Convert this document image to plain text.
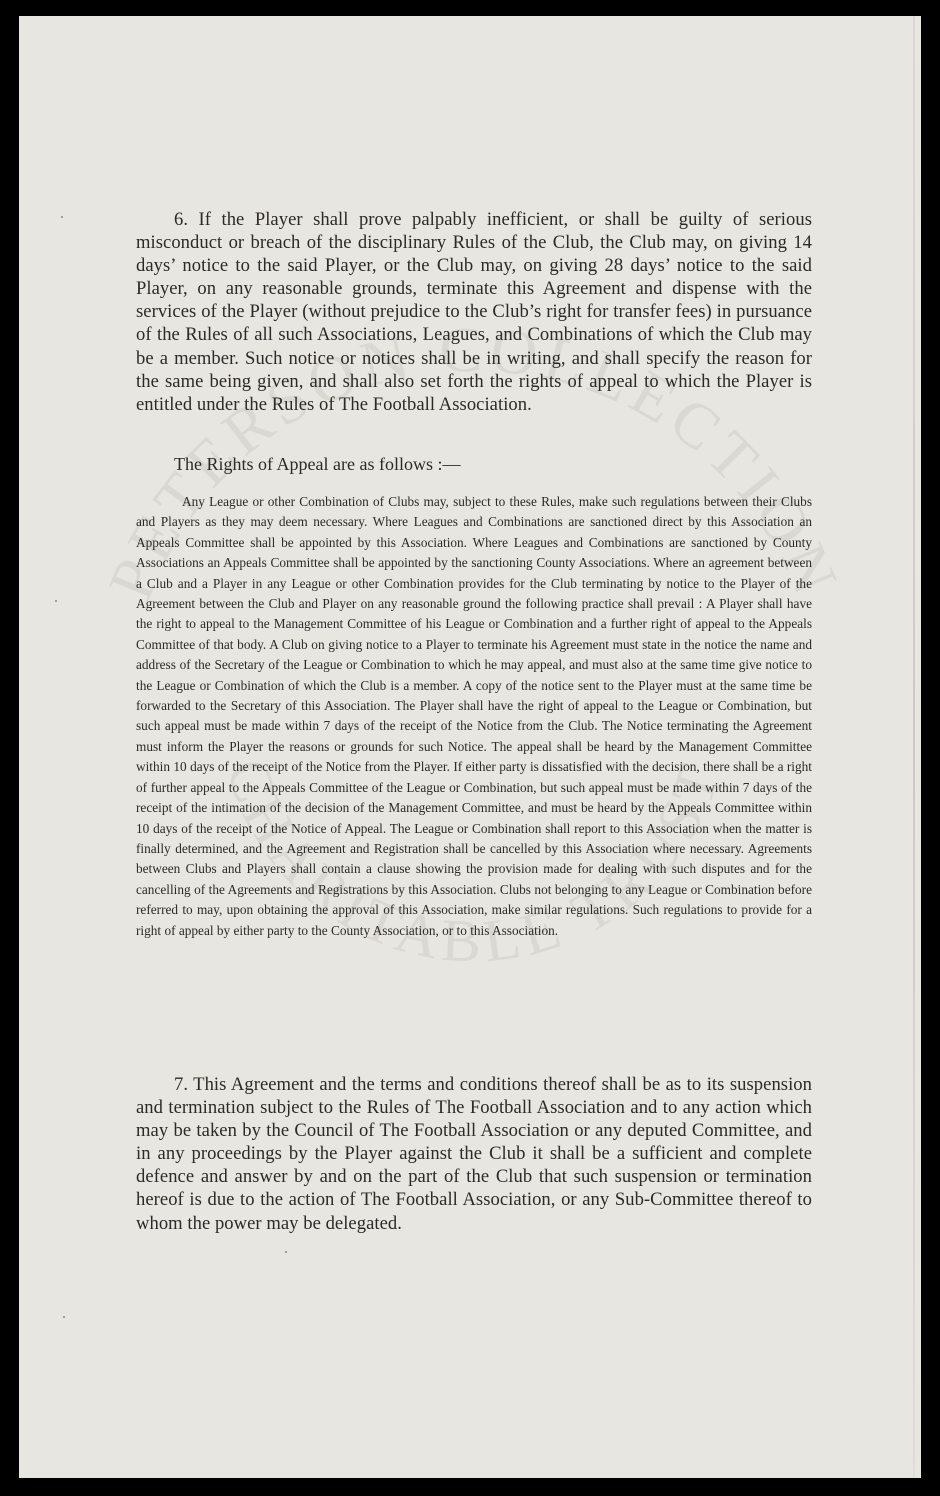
PETERSON COLLECTION
CHARITABLE TRUST
6. If the Player shall prove palpably inefficient, or shall be guilty of serious misconduct or breach of the disciplinary Rules of the Club, the Club may, on giving 14 days’ notice to the said Player, or the Club may, on giving 28 days’ notice to the said Player, on any reasonable grounds, terminate this Agreement and dispense with the services of the Player (without prejudice to the Club’s right for transfer fees) in pursuance of the Rules of all such Associations, Leagues, and Combinations of which the Club may be a member. Such notice or notices shall be in writing, and shall specify the reason for the same being given, and shall also set forth the rights of appeal to which the Player is entitled under the Rules of The Football Association.
The Rights of Appeal are as follows :—
Any League or other Combination of Clubs may, subject to these Rules, make such regulations between their Clubs and Players as they may deem necessary. Where Leagues and Combinations are sanctioned direct by this Association an Appeals Committee shall be appointed by this Association. Where Leagues and Combinations are sanctioned by County Associations an Appeals Committee shall be appointed by the sanctioning County Associations. Where an agreement between a Club and a Player in any League or other Combination provides for the Club terminating by notice to the Player of the Agreement between the Club and Player on any reasonable ground the following practice shall prevail : A Player shall have the right to appeal to the Management Committee of his League or Combination and a further right of appeal to the Appeals Committee of that body. A Club on giving notice to a Player to terminate his Agreement must state in the notice the name and address of the Secretary of the League or Combination to which he may appeal, and must also at the same time give notice to the League or Combination of which the Club is a member. A copy of the notice sent to the Player must at the same time be forwarded to the Secretary of this Association. The Player shall have the right of appeal to the League or Combination, but such appeal must be made within 7 days of the receipt of the Notice from the Club. The Notice terminating the Agreement must inform the Player the reasons or grounds for such Notice. The appeal shall be heard by the Management Committee within 10 days of the receipt of the Notice from the Player. If either party is dissatisfied with the decision, there shall be a right of further appeal to the Appeals Committee of the League or Combination, but such appeal must be made within 7 days of the receipt of the intimation of the decision of the Management Committee, and must be heard by the Appeals Committee within 10 days of the receipt of the Notice of Appeal. The League or Combination shall report to this Association when the matter is finally determined, and the Agreement and Registration shall be cancelled by this Association where necessary. Agreements between Clubs and Players shall contain a clause showing the provision made for dealing with such disputes and for the cancelling of the Agreements and Registrations by this Association. Clubs not belonging to any League or Combination before referred to may, upon obtaining the approval of this Association, make similar regulations. Such regulations to provide for a right of appeal by either party to the County Association, or to this Association.
7. This Agreement and the terms and conditions thereof shall be as to its suspension and termination subject to the Rules of The Football Association and to any action which may be taken by the Council of The Football Association or any deputed Committee, and in any proceedings by the Player against the Club it shall be a sufficient and complete defence and answer by and on the part of the Club that such suspension or termination hereof is due to the action of The Football Association, or any Sub-Committee thereof to whom the power may be delegated.
